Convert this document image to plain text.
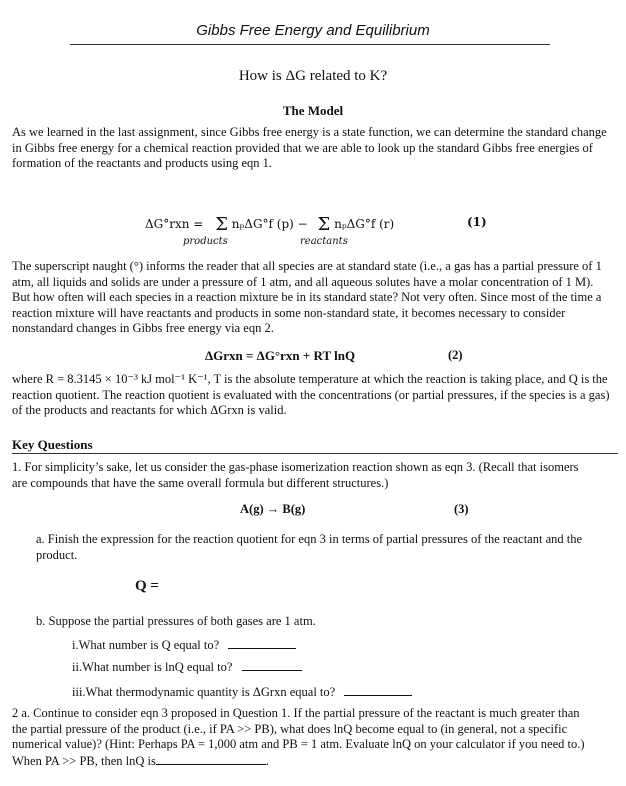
Gibbs Free Energy and Equilibrium
How is ΔG related to K?
The Model
As we learned in the last assignment, since Gibbs free energy is a state function, we can determine the standard change in Gibbs free energy for a chemical reaction provided that we are able to look up the standard Gibbs free energies of formation of the reactants and products using eqn 1.
ΔG°rxn = Σ nₚΔG°f (p) − Σ nₚΔG°f (r)
products	reactants
(1)
The superscript naught (°) informs the reader that all species are at standard state (i.e., a gas has a partial pressure of 1 atm, all liquids and solids are under a pressure of 1 atm, and all aqueous solutes have a molar concentration of 1 M). But how often will each species in a reaction mixture be in its standard state? Not very often. Since most of the time a reaction mixture will have reactants and products in some non-standard state, it becomes necessary to consider nonstandard changes in Gibbs free energy via eqn 2.
ΔGrxn = ΔG°rxn + RT lnQ	(2)
where R = 8.3145 × 10⁻³ kJ mol⁻¹ K⁻¹, T is the absolute temperature at which the reaction is taking place, and Q is the reaction quotient. The reaction quotient is evaluated with the concentrations (or partial pressures, if the species is a gas) of the products and reactants for which ΔGrxn is valid.
Key Questions
1. For simplicity’s sake, let us consider the gas-phase isomerization reaction shown as eqn 3. (Recall that isomers are compounds that have the same overall formula but different structures.)
A(g) → B(g)	(3)
a. Finish the expression for the reaction quotient for eqn 3 in terms of partial pressures of the reactant and the product.
Q =
b. Suppose the partial pressures of both gases are 1 atm.
i.What number is Q equal to?
ii.What number is lnQ equal to?
iii.What thermodynamic quantity is ΔGrxn equal to?
2 a. Continue to consider eqn 3 proposed in Question 1. If the partial pressure of the reactant is much greater than the partial pressure of the product (i.e., if PA >> PB), what does lnQ become equal to (in general, not a specific numerical value)? (Hint: Perhaps PA = 1,000 atm and PB = 1 atm. Evaluate lnQ on your calculator if you need to.) When PA >> PB, then lnQ is	.
